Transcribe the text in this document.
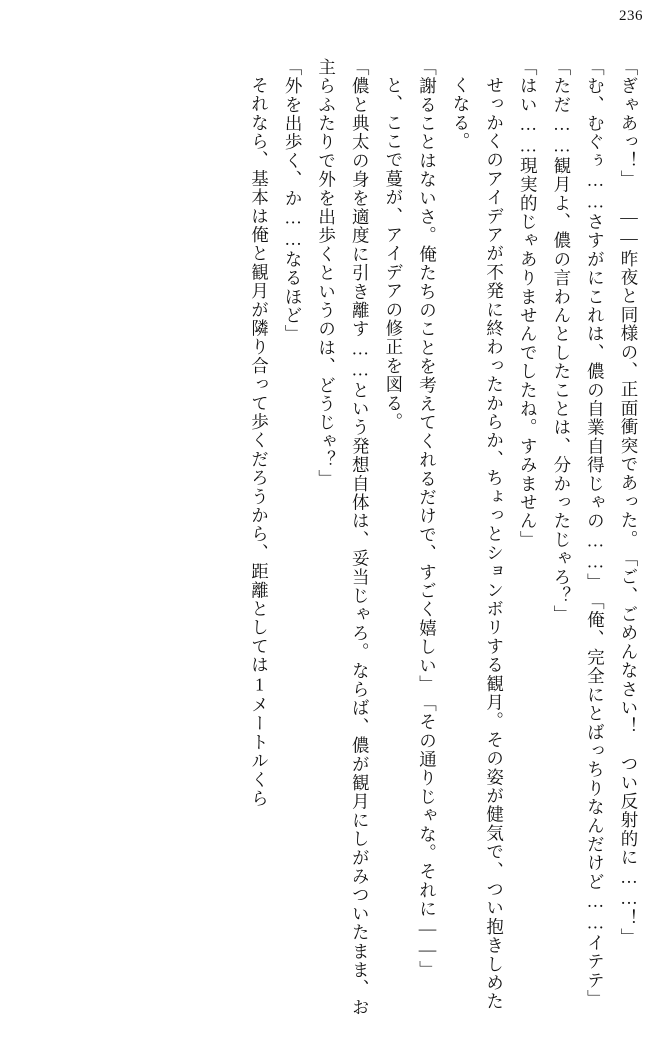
236

「ぎゃあっ！」

――昨夜と同様の、正面衝突であった。

「ご、ごめんなさい！　つい反射的に……！」

「む、むぐぅ……さすがにこれは、儂の自業自得じゃの……」

「俺、完全にとばっちりなんだけど……イテテ」

「ただ……観月よ、儂の言わんとしたことは、分かったじゃろ？」

「はい……現実的じゃありませんでしたね。すみません」

せっかくのアイデアが不発に終わったからか、ちょっとションボリする観月。その姿が健気で、つい抱きしめたくなる。

「謝ることはないさ。俺たちのことを考えてくれるだけで、すごく嬉しい」

「その通りじゃな。それに――」

と、ここで蔓が、アイデアの修正を図る。

「儂と典太の身を適度に引き離す……という発想自体は、妥当じゃろ。ならば、儂が観月にしがみついたまま、お主らふたりで外を出歩くというのは、どうじゃ？」

「外を出歩く、か……なるほど」

それなら、基本は俺と観月が隣り合って歩くだろうから、距離としては1メートルくら
